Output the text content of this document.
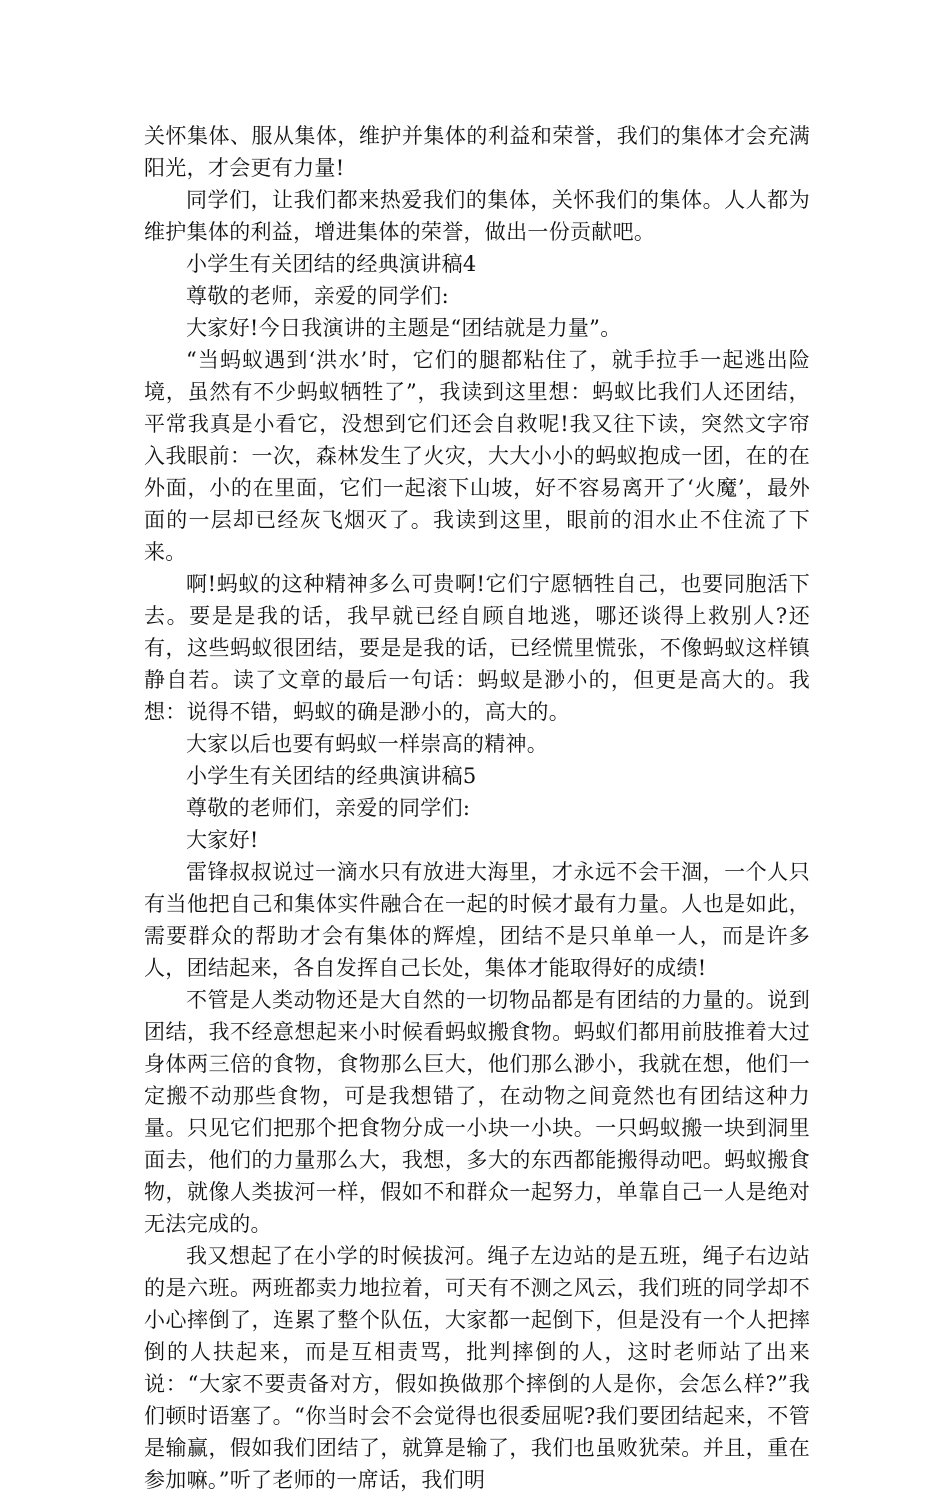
关怀集体、服从集体，维护并集体的利益和荣誉，我们的集体才会充满阳光，才会更有力量!

同学们，让我们都来热爱我们的集体，关怀我们的集体。人人都为维护集体的利益，增进集体的荣誉，做出一份贡献吧。

小学生有关团结的经典演讲稿4

尊敬的老师，亲爱的同学们:

大家好!今日我演讲的主题是“团结就是力量”。

“当蚂蚁遇到‘洪水’时，它们的腿都粘住了，就手拉手一起逃出险境，虽然有不少蚂蚁牺牲了”，我读到这里想：蚂蚁比我们人还团结，平常我真是小看它，没想到它们还会自救呢!我又往下读，突然文字帘入我眼前：一次，森林发生了火灾，大大小小的蚂蚁抱成一团，在的在外面，小的在里面，它们一起滚下山坡，好不容易离开了‘火魔’，最外面的一层却已经灰飞烟灭了。我读到这里，眼前的泪水止不住流了下来。

啊!蚂蚁的这种精神多么可贵啊!它们宁愿牺牲自己，也要同胞活下去。要是是我的话，我早就已经自顾自地逃，哪还谈得上救别人?还有，这些蚂蚁很团结，要是是我的话，已经慌里慌张，不像蚂蚁这样镇静自若。读了文章的最后一句话：蚂蚁是渺小的，但更是高大的。我想：说得不错，蚂蚁的确是渺小的，高大的。

大家以后也要有蚂蚁一样崇高的精神。

小学生有关团结的经典演讲稿5

尊敬的老师们，亲爱的同学们:

大家好!

雷锋叔叔说过一滴水只有放进大海里，才永远不会干涸，一个人只有当他把自己和集体实件融合在一起的时候才最有力量。人也是如此，需要群众的帮助才会有集体的辉煌，团结不是只单单一人，而是许多人，团结起来，各自发挥自己长处，集体才能取得好的成绩!

不管是人类动物还是大自然的一切物品都是有团结的力量的。说到团结，我不经意想起来小时候看蚂蚁搬食物。蚂蚁们都用前肢推着大过身体两三倍的食物，食物那么巨大，他们那么渺小，我就在想，他们一定搬不动那些食物，可是我想错了，在动物之间竟然也有团结这种力量。只见它们把那个把食物分成一小块一小块。一只蚂蚁搬一块到洞里面去，他们的力量那么大，我想，多大的东西都能搬得动吧。蚂蚁搬食物，就像人类拔河一样，假如不和群众一起努力，单靠自己一人是绝对无法完成的。

我又想起了在小学的时候拔河。绳子左边站的是五班，绳子右边站的是六班。两班都卖力地拉着，可天有不测之风云，我们班的同学却不小心摔倒了，连累了整个队伍，大家都一起倒下，但是没有一个人把摔倒的人扶起来，而是互相责骂，批判摔倒的人，这时老师站了出来说：“大家不要责备对方，假如换做那个摔倒的人是你，会怎么样?”我们顿时语塞了。“你当时会不会觉得也很委屈呢?我们要团结起来，不管是输赢，假如我们团结了，就算是输了，我们也虽败犹荣。并且，重在参加嘛。”听了老师的一席话，我们明
